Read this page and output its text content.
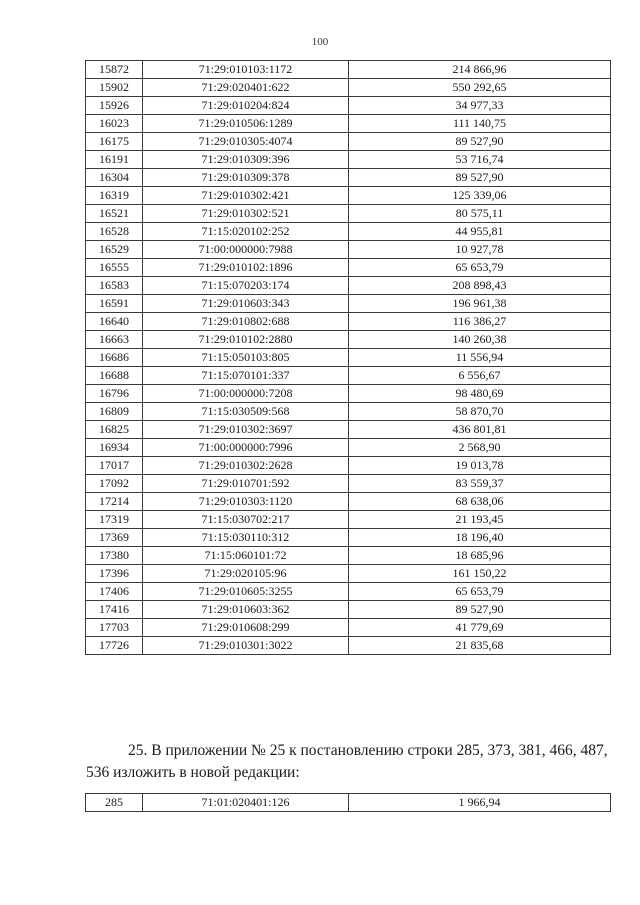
100
15872	71:29:010103:1172	214 866,96
15902	71:29:020401:622	550 292,65
15926	71:29:010204:824	34 977,33
16023	71:29:010506:1289	111 140,75
16175	71:29:010305:4074	89 527,90
16191	71:29:010309:396	53 716,74
16304	71:29:010309:378	89 527,90
16319	71:29:010302:421	125 339,06
16521	71:29:010302:521	80 575,11
16528	71:15:020102:252	44 955,81
16529	71:00:000000:7988	10 927,78
16555	71:29:010102:1896	65 653,79
16583	71:15:070203:174	208 898,43
16591	71:29:010603:343	196 961,38
16640	71:29:010802:688	116 386,27
16663	71:29:010102:2880	140 260,38
16686	71:15:050103:805	11 556,94
16688	71:15:070101:337	6 556,67
16796	71:00:000000:7208	98 480,69
16809	71:15:030509:568	58 870,70
16825	71:29:010302:3697	436 801,81
16934	71:00:000000:7996	2 568,90
17017	71:29:010302:2628	19 013,78
17092	71:29:010701:592	83 559,37
17214	71:29:010303:1120	68 638,06
17319	71:15:030702:217	21 193,45
17369	71:15:030110:312	18 196,40
17380	71:15:060101:72	18 685,96
17396	71:29:020105:96	161 150,22
17406	71:29:010605:3255	65 653,79
17416	71:29:010603:362	89 527,90
17703	71:29:010608:299	41 779,69
17726	71:29:010301:3022	21 835,68
25. В приложении № 25 к постановлению строки 285, 373, 381, 466, 487, 536 изложить в новой редакции:
285	71:01:020401:126	1 966,94
